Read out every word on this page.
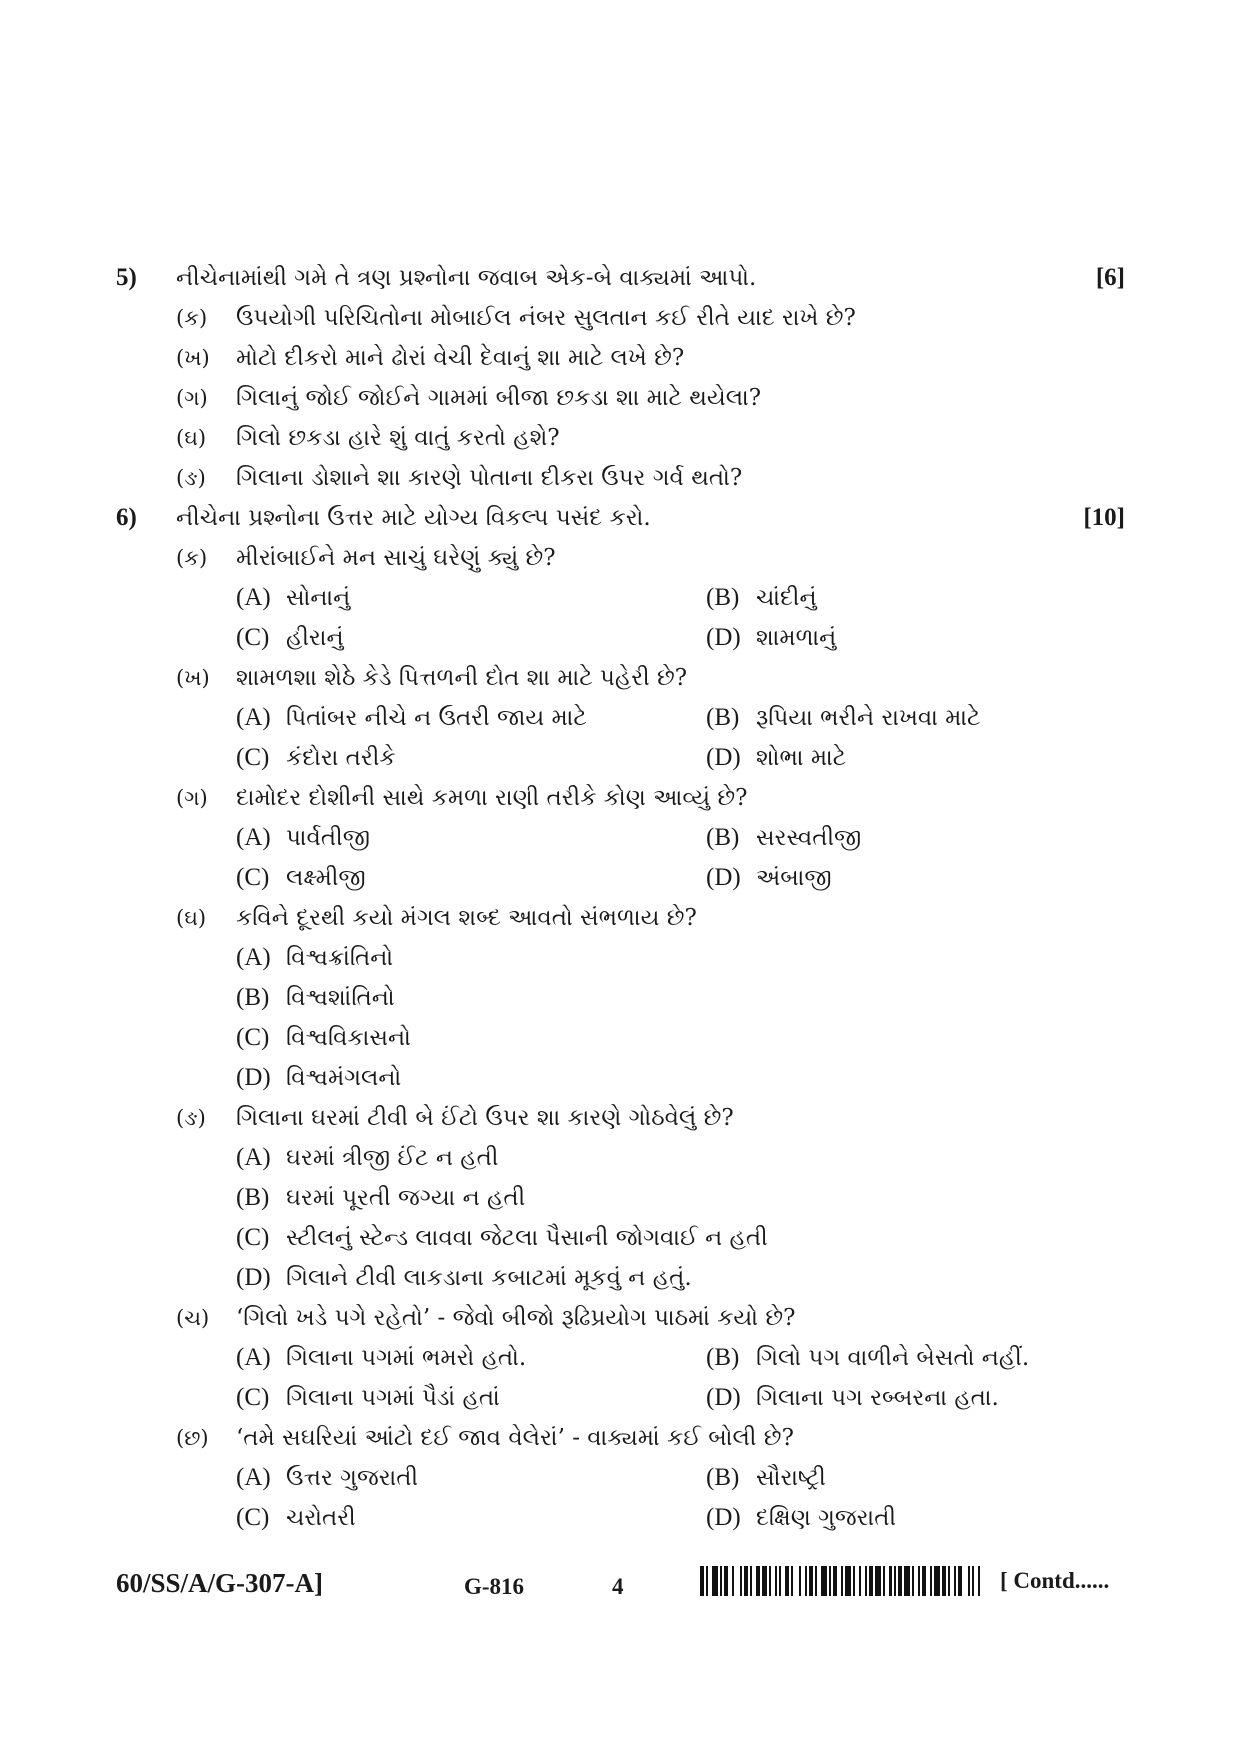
5) નીચેનામાંથી ગમે તે ત્રણ પ્રશ્નોના જવાબ એક-બે વાક્યમાં આપો.	[6]
(ક) ઉપયોગી પરિચિતોના મોબાઈલ નંબર સુલતાન કઈ રીતે યાદ રાખે છે?
(ખ) મોટો દીકરો માને ઢોરાં વેચી દેવાનું શા માટે લખે છે?
(ગ) ગિલાનું જોઈ જોઈને ગામમાં બીજા છકડા શા માટે થયેલા?
(ઘ) ગિલો છકડા હારે શું વાતું કરતો હશે?
(ઙ) ગિલાના ડોશાને શા કારણે પોતાના દીકરા ઉપર ગર્વ થતો?
6) નીચેના પ્રશ્નોના ઉત્તર માટે યોગ્ય વિકલ્પ પસંદ કરો.	[10]
(ક) મીરાંબાઈને મન સાચું ઘરેણું ક્યું છે?
(A) સોનાનું	(B) ચાંદીનું
(C) હીરાનું	(D) શામળાનું
(ખ) શામળશા શેઠે કેડે પિત્તળની દોત શા માટે પહેરી છે?
(A) પિતાંબર નીચે ન ઉતરી જાય માટે	(B) રૂપિયા ભરીને રાખવા માટે
(C) કંદોરા તરીકે	(D) શોભા માટે
(ગ) દામોદર દોશીની સાથે કમળા રાણી તરીકે કોણ આવ્યું છે?
(A) પાર્વતીજી	(B) સરસ્વતીજી
(C) લક્ષ્મીજી	(D) અંબાજી
(ઘ) કવિને દૂરથી કયો મંગલ શબ્દ આવતો સંભળાય છે?
(A) વિશ્વક્રાંતિનો
(B) વિશ્વશાંતિનો
(C) વિશ્વવિકાસનો
(D) વિશ્વમંગલનો
(ઙ) ગિલાના ઘરમાં ટીવી બે ઈંટો ઉપર શા કારણે ગોઠવેલું છે?
(A) ઘરમાં ત્રીજી ઈંટ ન હતી
(B) ઘરમાં પૂરતી જગ્યા ન હતી
(C) સ્ટીલનું સ્ટેન્ડ લાવવા જેટલા પૈસાની જોગવાઈ ન હતી
(D) ગિલાને ટીવી લાકડાના કબાટમાં મૂકવું ન હતું.
(ચ) ‘ગિલો ખડે પગે રહેતો’ - જેવો બીજો રૂઢિપ્રયોગ પાઠમાં કયો છે?
(A) ગિલાના પગમાં ભમરો હતો.	(B) ગિલો પગ વાળીને બેસતો નહીં.
(C) ગિલાના પગમાં પૈડાં હતાં	(D) ગિલાના પગ રબ્બરના હતા.
(છ) ‘તમે સઘરિયાં આંટો દઈ જાવ વેલેરાં’ - વાક્યમાં કઈ બોલી છે?
(A) ઉત્તર ગુજરાતી	(B) સૌરાષ્ટ્રી
(C) ચરોતરી	(D) દક્ષિણ ગુજરાતી
60/SS/A/G-307-A]	G-816	4	[ Contd......
